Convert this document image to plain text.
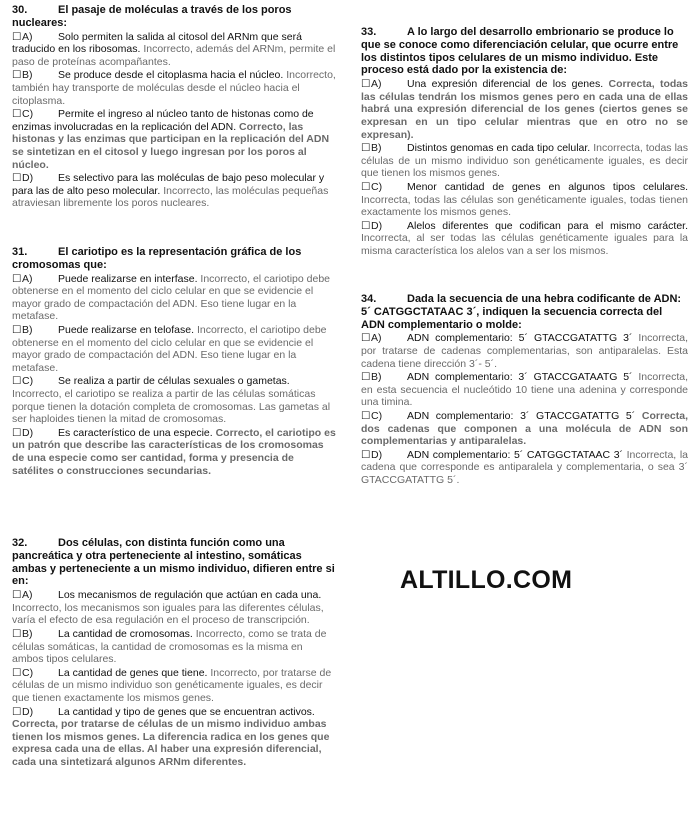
30.	El pasaje de moléculas a través de los poros nucleares:
☐A) Solo permiten la salida al citosol del ARNm que será traducido en los ribosomas. Incorrecto, además del ARNm, permite el paso de proteínas acompañantes.
☐B) Se produce desde el citoplasma hacia el núcleo. Incorrecto, también hay transporte de moléculas desde el núcleo hacia el citoplasma.
☐C) Permite el ingreso al núcleo tanto de histonas como de enzimas involucradas en la replicación del ADN. Correcto, las histonas y las enzimas que participan en la replicación del ADN se sintetizan en el citosol y luego ingresan por los poros al núcleo.
☐D) Es selectivo para las moléculas de bajo peso molecular y para las de alto peso molecular. Incorrecto, las moléculas pequeñas atraviesan libremente los poros nucleares.
31.	El cariotipo es la representación gráfica de los cromosomas que:
☐A) Puede realizarse en interfase. Incorrecto, el cariotipo debe obtenerse en el momento del ciclo celular en que se evidencie el mayor grado de compactación del ADN. Eso tiene lugar en la metafase.
☐B) Puede realizarse en telofase. Incorrecto, el cariotipo debe obtenerse en el momento del ciclo celular en que se evidencie el mayor grado de compactación del ADN. Eso tiene lugar en la metafase.
☐C) Se realiza a partir de células sexuales o gametas. Incorrecto, el cariotipo se realiza a partir de las células somáticas porque tienen la dotación completa de cromosomas. Las gametas al ser haploides tienen la mitad de cromosomas.
☐D) Es característico de una especie. Correcto, el cariotipo es un patrón que describe las características de los cromosomas de una especie como ser cantidad, forma y presencia de satélites o construcciones secundarias.
32.	Dos células, con distinta función como una pancreática y otra perteneciente al intestino, somáticas ambas y perteneciente a un mismo individuo, difieren entre si en:
☐A) Los mecanismos de regulación que actúan en cada una. Incorrecto, los mecanismos son iguales para las diferentes células, varía el efecto de esa regulación en el proceso de transcripción.
☐B) La cantidad de cromosomas. Incorrecto, como se trata de células somáticas, la cantidad de cromosomas es la misma en ambos tipos celulares.
☐C) La cantidad de genes que tiene. Incorrecto, por tratarse de células de un mismo individuo son genéticamente iguales, es decir que tienen exactamente los mismos genes.
☐D) La cantidad y tipo de genes que se encuentran activos. Correcta, por tratarse de células de un mismo individuo ambas tienen los mismos genes. La diferencia radica en los genes que expresa cada una de ellas. Al haber una expresión diferencial, cada una sintetizará algunos ARNm diferentes.
33.	A lo largo del desarrollo embrionario se produce lo que se conoce como diferenciación celular, que ocurre entre los distintos tipos celulares de un mismo individuo. Este proceso está dado por la existencia de:
☐A) Una expresión diferencial de los genes. Correcta, todas las células tendrán los mismos genes pero en cada una de ellas habrá una expresión diferencial de los genes (ciertos genes se expresan en un tipo celular mientras que en otro no se expresan).
☐B) Distintos genomas en cada tipo celular. Incorrecta, todas las células de un mismo individuo son genéticamente iguales, es decir que tienen los mismos genes.
☐C) Menor cantidad de genes en algunos tipos celulares. Incorrecta, todas las células son genéticamente iguales, todas tienen exactamente los mismos genes.
☐D) Alelos diferentes que codifican para el mismo carácter. Incorrecta, al ser todas las células genéticamente iguales para la misma característica los alelos van a ser los mismos.
34.	Dada la secuencia de una hebra codificante de ADN: 5´ CATGGCTATAAC 3´, indiquen la secuencia correcta del ADN complementario o molde:
☐A) ADN complementario: 5´ GTACCGATATTG 3´ Incorrecta, por tratarse de cadenas complementarias, son antiparalelas. Esta cadena tiene dirección 3´- 5´.
☐B) ADN complementario: 3´ GTACCGATAATG 5´ Incorrecta, en esta secuencia el nucleótido 10 tiene una adenina y corresponde una timina.
☐C) ADN complementario: 3´ GTACCGATATTG 5´ Correcta, dos cadenas que componen a una molécula de ADN son complementarias y antiparalelas.
☐D) ADN complementario: 5´ CATGGCTATAAC 3´ Incorrecta, la cadena que corresponde es antiparalela y complementaria, o sea 3´ GTACCGATATTG 5´.
ALTILLO.COM
